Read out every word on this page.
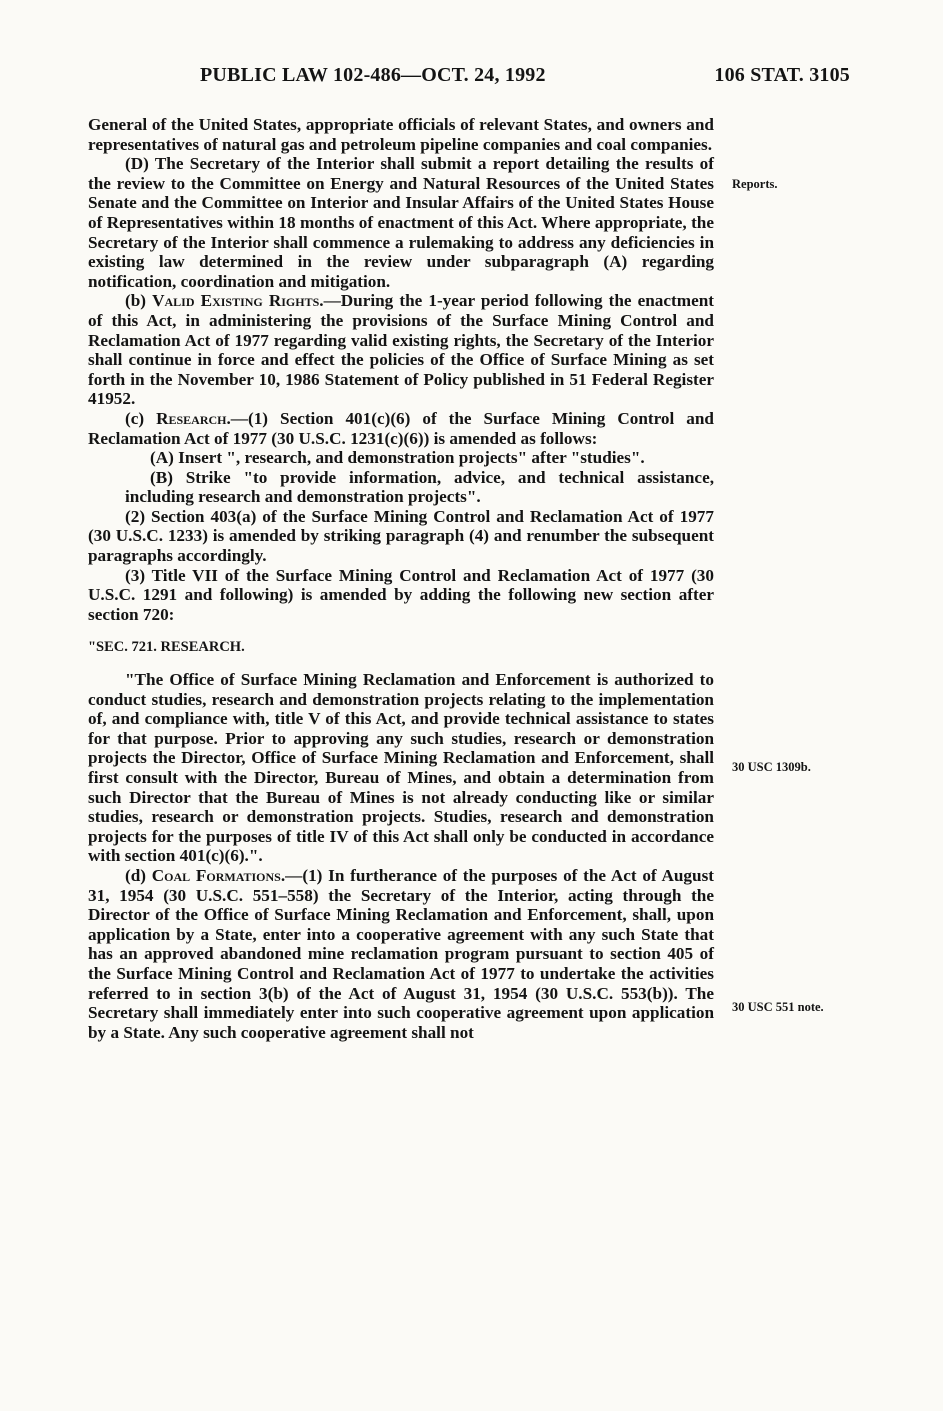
PUBLIC LAW 102-486—OCT. 24, 1992	106 STAT. 3105

General of the United States, appropriate officials of relevant States, and owners and representatives of natural gas and petroleum pipeline companies and coal companies.

(D) The Secretary of the Interior shall submit a report detailing the results of the review to the Committee on Energy and Natural Resources of the United States Senate and the Committee on Interior and Insular Affairs of the United States House of Representatives within 18 months of enactment of this Act. Where appropriate, the Secretary of the Interior shall commence a rulemaking to address any deficiencies in existing law determined in the review under subparagraph (A) regarding notification, coordination and mitigation.

(b) Valid Existing Rights.—During the 1-year period following the enactment of this Act, in administering the provisions of the Surface Mining Control and Reclamation Act of 1977 regarding valid existing rights, the Secretary of the Interior shall continue in force and effect the policies of the Office of Surface Mining as set forth in the November 10, 1986 Statement of Policy published in 51 Federal Register 41952.

(c) Research.—(1) Section 401(c)(6) of the Surface Mining Control and Reclamation Act of 1977 (30 U.S.C. 1231(c)(6)) is amended as follows:

(A) Insert ", research, and demonstration projects" after "studies".

(B) Strike "to provide information, advice, and technical assistance, including research and demonstration projects".

(2) Section 403(a) of the Surface Mining Control and Reclamation Act of 1977 (30 U.S.C. 1233) is amended by striking paragraph (4) and renumber the subsequent paragraphs accordingly.

(3) Title VII of the Surface Mining Control and Reclamation Act of 1977 (30 U.S.C. 1291 and following) is amended by adding the following new section after section 720:

"SEC. 721. RESEARCH.

"The Office of Surface Mining Reclamation and Enforcement is authorized to conduct studies, research and demonstration projects relating to the implementation of, and compliance with, title V of this Act, and provide technical assistance to states for that purpose. Prior to approving any such studies, research or demonstration projects the Director, Office of Surface Mining Reclamation and Enforcement, shall first consult with the Director, Bureau of Mines, and obtain a determination from such Director that the Bureau of Mines is not already conducting like or similar studies, research or demonstration projects. Studies, research and demonstration projects for the purposes of title IV of this Act shall only be conducted in accordance with section 401(c)(6).".

(d) Coal Formations.—(1) In furtherance of the purposes of the Act of August 31, 1954 (30 U.S.C. 551–558) the Secretary of the Interior, acting through the Director of the Office of Surface Mining Reclamation and Enforcement, shall, upon application by a State, enter into a cooperative agreement with any such State that has an approved abandoned mine reclamation program pursuant to section 405 of the Surface Mining Control and Reclamation Act of 1977 to undertake the activities referred to in section 3(b) of the Act of August 31, 1954 (30 U.S.C. 553(b)). The Secretary shall immediately enter into such cooperative agreement upon application by a State. Any such cooperative agreement shall not

Reports.
30 USC 1309b.
30 USC 551 note.
